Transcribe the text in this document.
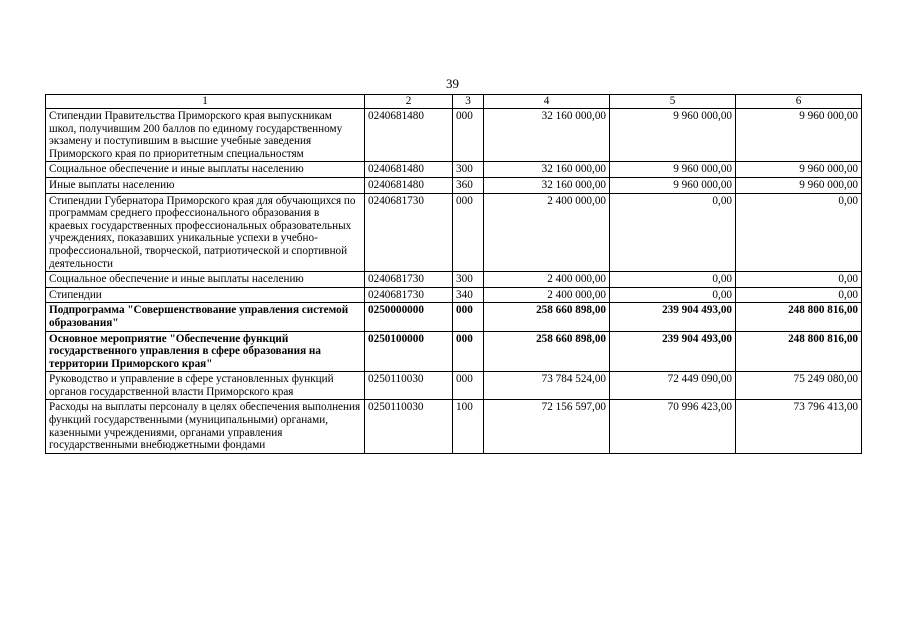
39
1	2	3	4	5	6
Стипендии Правительства Приморского края выпускникам школ, получившим 200 баллов по единому государственному экзамену и поступившим в высшие учебные заведения Приморского края по приоритетным специальностям	0240681480	000	32 160 000,00	9 960 000,00	9 960 000,00
Социальное обеспечение и иные выплаты населению	0240681480	300	32 160 000,00	9 960 000,00	9 960 000,00
Иные выплаты населению	0240681480	360	32 160 000,00	9 960 000,00	9 960 000,00
Стипендии Губернатора Приморского края для обучающихся по программам среднего профессионального образования в краевых государственных профессиональных образовательных учреждениях, показавших уникальные успехи в учебно-профессиональной, творческой, патриотической и спортивной деятельности	0240681730	000	2 400 000,00	0,00	0,00
Социальное обеспечение и иные выплаты населению	0240681730	300	2 400 000,00	0,00	0,00
Стипендии	0240681730	340	2 400 000,00	0,00	0,00
Подпрограмма "Совершенствование управления системой образования"	0250000000	000	258 660 898,00	239 904 493,00	248 800 816,00
Основное мероприятие "Обеспечение функций государственного управления в сфере образования на территории Приморского края"	0250100000	000	258 660 898,00	239 904 493,00	248 800 816,00
Руководство и управление в сфере установленных функций органов государственной власти Приморского края	0250110030	000	73 784 524,00	72 449 090,00	75 249 080,00
Расходы на выплаты персоналу в целях обеспечения выполнения функций государственными (муниципальными) органами, казенными учреждениями, органами управления государственными внебюджетными фондами	0250110030	100	72 156 597,00	70 996 423,00	73 796 413,00
